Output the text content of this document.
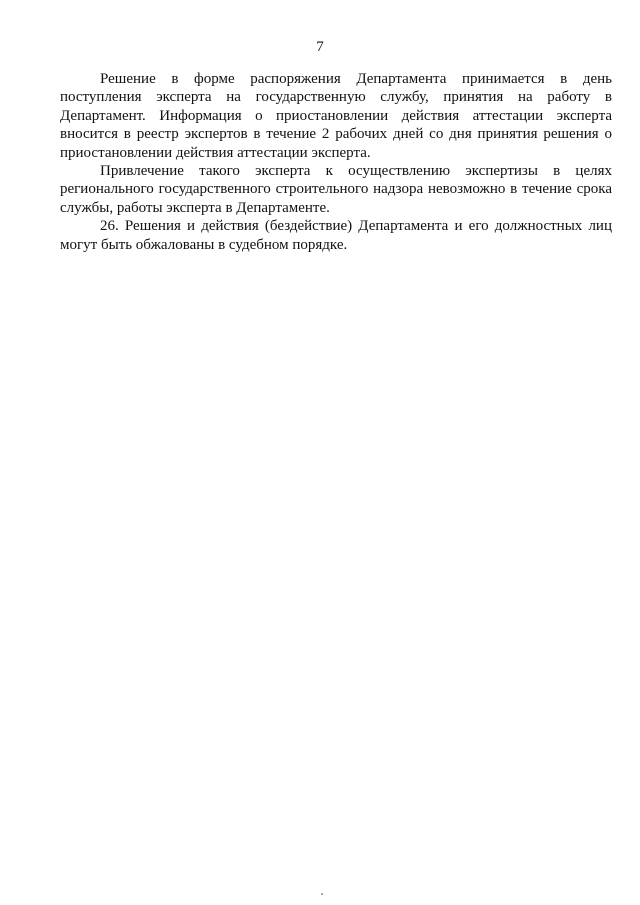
7

Решение в форме распоряжения Департамента принимается в день поступления эксперта на государственную службу, принятия на работу в Департамент. Информация о приостановлении действия аттестации эксперта вносится в реестр экспертов в течение 2 рабочих дней со дня принятия решения о приостановлении действия аттестации эксперта.

Привлечение такого эксперта к осуществлению экспертизы в целях регионального государственного строительного надзора невозможно в течение срока службы, работы эксперта в Департаменте.

26. Решения и действия (бездействие) Департамента и его должностных лиц могут быть обжалованы в судебном порядке.
